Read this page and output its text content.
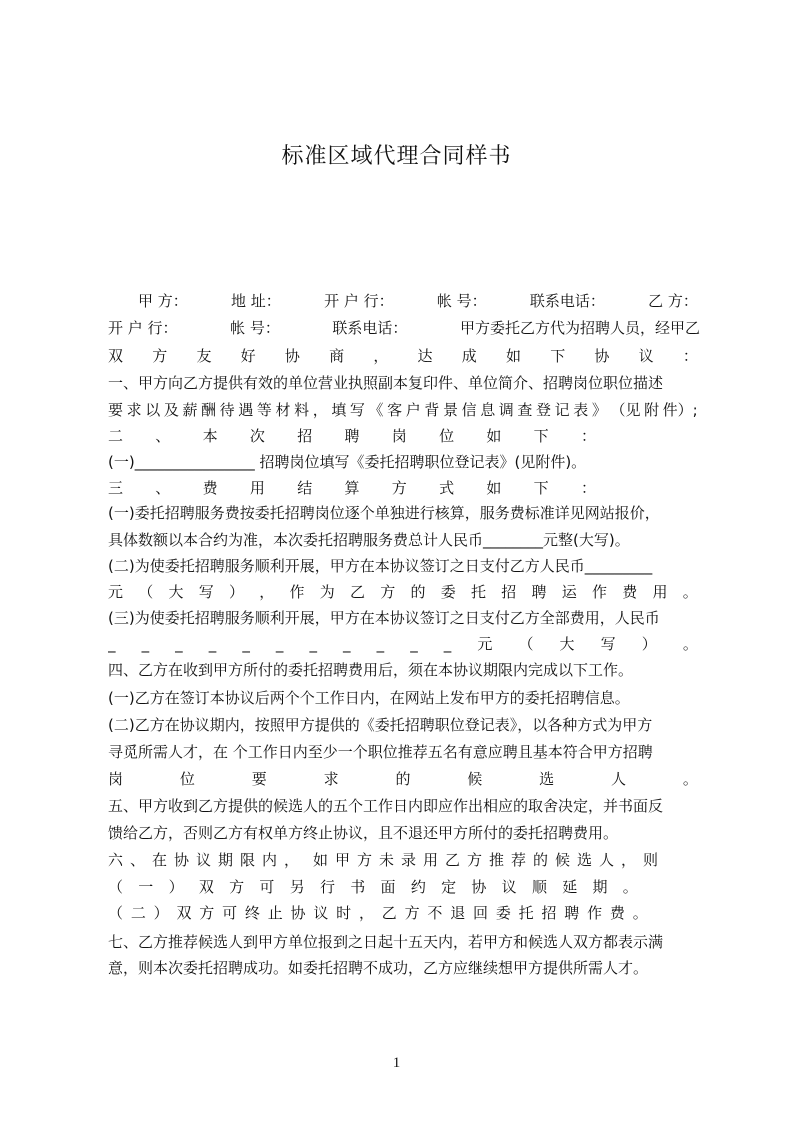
标准区域代理合同样书
甲 方：	地 址：	开 户 行：	帐 号：	联系电话：	乙 方：
开 户 行：	帐 号：	联系电话：	甲方委托乙方代为招聘人员，经甲乙
双 方 友 好 协 商 ， 达 成 如 下 协 议 ：
一、甲方向乙方提供有效的单位营业执照副本复印件、单位简介、招聘岗位职位描述
要 求 以 及 薪 酬 待 遇 等 材 料 ， 填 写 《 客 户 背 景 信 息 调 查 登 记 表 》 （见 附 件）;
二 、 本 次 招 聘 岗 位 如 下 ：
(一)________________ 招聘岗位填写《委托招聘职位登记表》(见附件)。
三 、 费 用 结 算 方 式 如 下 ：
(一)委托招聘服务费按委托招聘岗位逐个单独进行核算，服务费标准详见网站报价，
具体数额以本合约为准，本次委托招聘服务费总计人民币________元整(大写)。
(二)为使委托招聘服务顺利开展，甲方在本协议签订之日支付乙方人民币_________
元 （ 大 写 ） ， 作 为 乙 方 的 委 托 招 聘 运 作 费 用 。
(三)为使委托招聘服务顺利开展，甲方在本协议签订之日支付乙方全部费用，人民币
_ _ _ _ _ _ _ _ _ _ _ 元 （ 大 写 ） 。
四、乙方在收到甲方所付的委托招聘费用后，须在本协议期限内完成以下工作。
(一)乙方在签订本协议后两个个工作日内，在网站上发布甲方的委托招聘信息。
(二)乙方在协议期内，按照甲方提供的《委托招聘职位登记表》，以各种方式为甲方
寻觅所需人才，在 个工作日内至少一个职位推荐五名有意应聘且基本符合甲方招聘
岗	位	要	求	的	候	选	人	。
五、甲方收到乙方提供的候选人的五个工作日内即应作出相应的取舍决定，并书面反
馈给乙方，否则乙方有权单方终止协议，且不退还甲方所付的委托招聘费用。
六 、 在 协 议 期 限 内 ， 如 甲 方 未 录 用 乙 方 推 荐 的 候 选 人 ， 则
（ 一 ） 双 方 可 另 行 书 面 约 定 协 议 顺 延 期 。
（ 二 ） 双 方 可 终 止 协 议 时 ， 乙 方 不 退 回 委 托 招 聘 作 费 。
七、乙方推荐候选人到甲方单位报到之日起十五天内，若甲方和候选人双方都表示满
意，则本次委托招聘成功。如委托招聘不成功，乙方应继续想甲方提供所需人才。
1
